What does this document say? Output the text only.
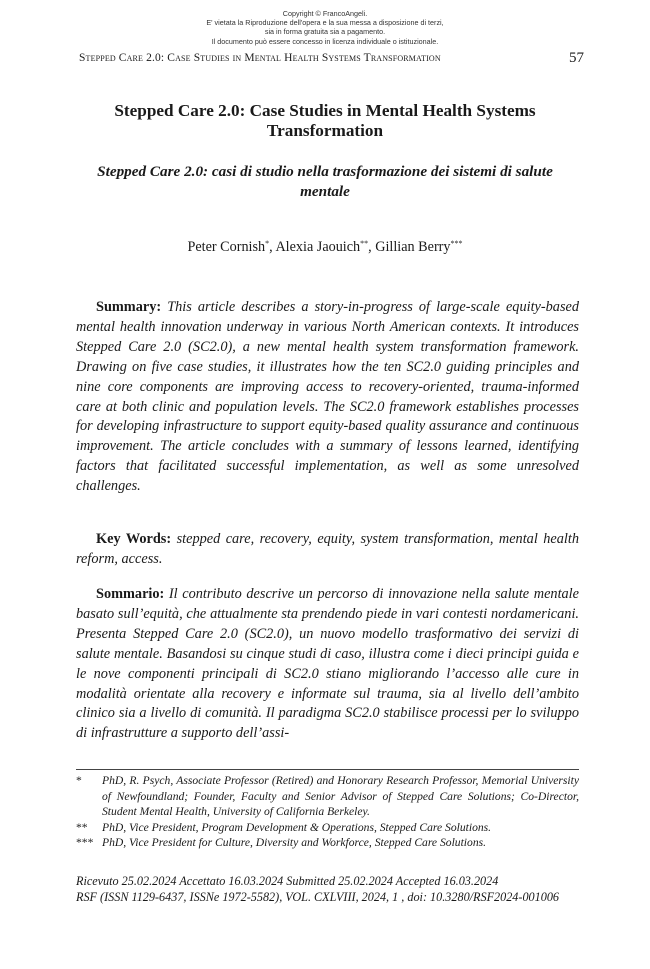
Copyright © FrancoAngeli.
E' vietata la Riproduzione dell'opera e la sua messa a disposizione di terzi,
sia in forma gratuita sia a pagamento.
Il documento può essere concesso in licenza individuale o istituzionale.
Stepped Care 2.0: Case Studies in Mental Health Systems Transformation	57
Stepped Care 2.0: Case Studies in Mental Health Systems Transformation
Stepped Care 2.0: casi di studio nella trasformazione dei sistemi di salute mentale
Peter Cornish*, Alexia Jaouich**, Gillian Berry***
Summary: This article describes a story-in-progress of large-scale equity-based mental health innovation underway in various North American contexts. It introduces Stepped Care 2.0 (SC2.0), a new mental health system transformation framework. Drawing on five case studies, it illustrates how the ten SC2.0 guiding principles and nine core components are improving access to recovery-oriented, trauma-informed care at both clinic and population levels. The SC2.0 framework establishes processes for developing infrastructure to support equity-based quality assurance and continuous improvement. The article concludes with a summary of lessons learned, identifying factors that facilitated successful implementation, as well as some unresolved challenges.
Key Words: stepped care, recovery, equity, system transformation, mental health reform, access.
Sommario: Il contributo descrive un percorso di innovazione nella salute mentale basato sull’equità, che attualmente sta prendendo piede in vari contesti nordamericani. Presenta Stepped Care 2.0 (SC2.0), un nuovo modello trasformativo dei servizi di salute mentale. Basandosi su cinque studi di caso, illustra come i dieci principi guida e le nove componenti principali di SC2.0 stiano migliorando l’accesso alle cure in modalità orientate alla recovery e informate sul trauma, sia al livello dell’ambito clinico sia a livello di comunità. Il paradigma SC2.0 stabilisce processi per lo sviluppo di infrastrutture a supporto dell’assi-
* PhD, R. Psych, Associate Professor (Retired) and Honorary Research Professor, Memorial University of Newfoundland; Founder, Faculty and Senior Advisor of Stepped Care Solutions; Co-Director, Student Mental Health, University of California Berkeley.
** PhD, Vice President, Program Development & Operations, Stepped Care Solutions.
*** PhD, Vice President for Culture, Diversity and Workforce, Stepped Care Solutions.
Ricevuto 25.02.2024 Accettato 16.03.2024 Submitted 25.02.2024 Accepted 16.03.2024
RSF (ISSN 1129-6437, ISSNe 1972-5582), VOL. CXLVIII, 2024, 1 , doi: 10.3280/RSF2024-001006
